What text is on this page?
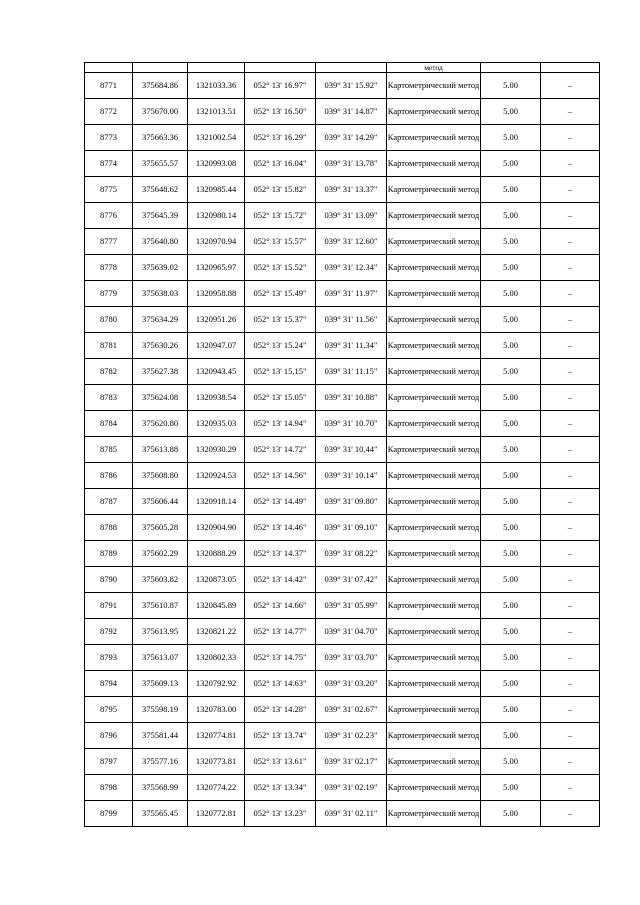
					метод		
8771	375684.86	1321033.36	052° 13' 16.97"	039° 31' 15.92"	Картометрический метод	5.00	–
8772	375670.00	1321013.51	052° 13' 16.50"	039° 31' 14.87"	Картометрический метод	5.00	–
8773	375663.36	1321002.54	052° 13' 16.29"	039° 31' 14.29"	Картометрический метод	5.00	–
8774	375655.57	1320993.08	052° 13' 16.04"	039° 31' 13.78"	Картометрический метод	5.00	–
8775	375648.62	1320985.44	052° 13' 15.82"	039° 31' 13.37"	Картометрический метод	5.00	–
8776	375645.39	1320980.14	052° 13' 15.72"	039° 31' 13.09"	Картометрический метод	5.00	–
8777	375640.80	1320970.94	052° 13' 15.57"	039° 31' 12.60"	Картометрический метод	5.00	–
8778	375639.02	1320965.97	052° 13' 15.52"	039° 31' 12.34"	Картометрический метод	5.00	–
8779	375638.03	1320958.88	052° 13' 15.49"	039° 31' 11.97"	Картометрический метод	5.00	–
8780	375634.29	1320951.26	052° 13' 15.37"	039° 31' 11.56"	Картометрический метод	5.00	–
8781	375630.26	1320947.07	052° 13' 15.24"	039° 31' 11.34"	Картометрический метод	5.00	–
8782	375627.38	1320943.45	052° 13' 15.15"	039° 31' 11.15"	Картометрический метод	5.00	–
8783	375624.08	1320938.54	052° 13' 15.05"	039° 31' 10.88"	Картометрический метод	5.00	–
8784	375620.80	1320935.03	052° 13' 14.94"	039° 31' 10.70"	Картометрический метод	5.00	–
8785	375613.88	1320930.29	052° 13' 14.72"	039° 31' 10.44"	Картометрический метод	5.00	–
8786	375608.80	1320924.53	052° 13' 14.56"	039° 31' 10.14"	Картометрический метод	5.00	–
8787	375606.44	1320918.14	052° 13' 14.49"	039° 31' 09.80"	Картометрический метод	5.00	–
8788	375605.28	1320904.90	052° 13' 14.46"	039° 31' 09.10"	Картометрический метод	5.00	–
8789	375602.29	1320888.29	052° 13' 14.37"	039° 31' 08.22"	Картометрический метод	5.00	–
8790	375603.82	1320873.05	052° 13' 14.42"	039° 31' 07.42"	Картометрический метод	5.00	–
8791	375610.87	1320845.89	052° 13' 14.66"	039° 31' 05.99"	Картометрический метод	5.00	–
8792	375613.95	1320821.22	052° 13' 14.77"	039° 31' 04.70"	Картометрический метод	5.00	–
8793	375613.07	1320802.33	052° 13' 14.75"	039° 31' 03.70"	Картометрический метод	5.00	–
8794	375609.13	1320792.92	052° 13' 14.63"	039° 31' 03.20"	Картометрический метод	5.00	–
8795	375598.19	1320783.00	052° 13' 14.28"	039° 31' 02.67"	Картометрический метод	5.00	–
8796	375581.44	1320774.81	052° 13' 13.74"	039° 31' 02.23"	Картометрический метод	5.00	–
8797	375577.16	1320773.81	052° 13' 13.61"	039° 31' 02.17"	Картометрический метод	5.00	–
8798	375568.99	1320774.22	052° 13' 13.34"	039° 31' 02.19"	Картометрический метод	5.00	–
8799	375565.45	1320772.81	052° 13' 13.23"	039° 31' 02.11"	Картометрический метод	5.00	–
